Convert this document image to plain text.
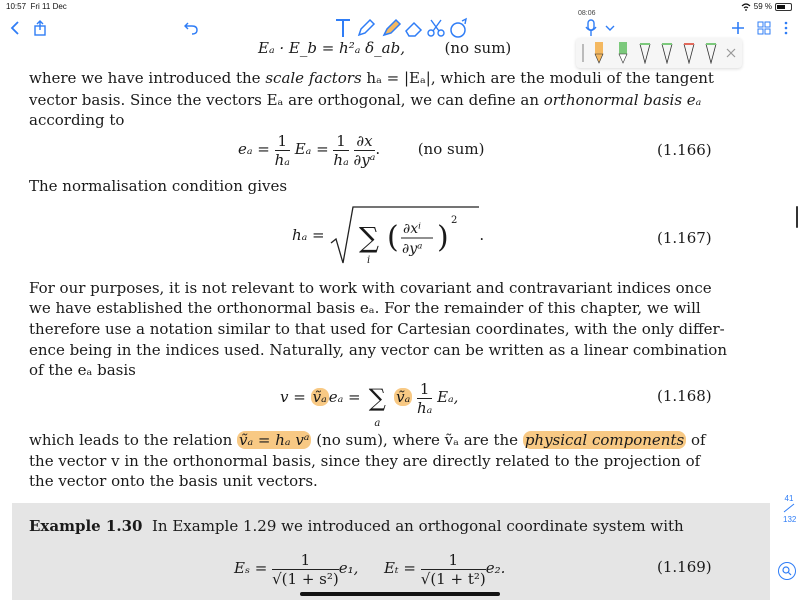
10:57 Fri 11 Dec	59 %
08:06
Eₐ · E_b = h²ₐ δ_ab,	(no sum)
where we have introduced the scale factors hₐ = |Eₐ|, which are the moduli of the tangent
vector basis. Since the vectors Eₐ are orthogonal, we can define an orthonormal basis eₐ
according to
$e_a = \frac{1}{\text{hₐ}}$ $E_a = \frac{1}{\text{hₐ}}$
$\frac{\partial x}{\text{∂yᵃ}}$ .  (no sum)	(1.166)
The normalisation condition gives
hₐ = ∑
i
( ∂xⁱ
∂yᵃ ) 2
.	(1.167)
For our purposes, it is not relevant to work with covariant and contravariant indices once
we have established the orthonormal basis eₐ. For the remainder of this chapter, we will
therefore use a notation similar to that used for Cartesian coordinates, with the only differ-
ence being in the indices used. Naturally, any vector can be written as a linear combination
of the eₐ basis
v = ṽₐ eₐ = ∑
a
ṽₐ $\frac{1}{\text{hₐ}} E_a$,	(1.168)
which leads to the relation ṽₐ = hₐ vᵃ (no sum), where ṽₐ are the physical components of
the vector v in the orthonormal basis, since they are directly related to the projection of
the vector onto the basis unit vectors.
Example 1.30 In Example 1.29 we introduced an orthogonal coordinate system with
$E_s = \frac{1}{\text{√(1 + s²)}} e_1$, $E_t = \frac{1}{\text{√(1 + t²)}} e_2$.	(1.169)
41
132
